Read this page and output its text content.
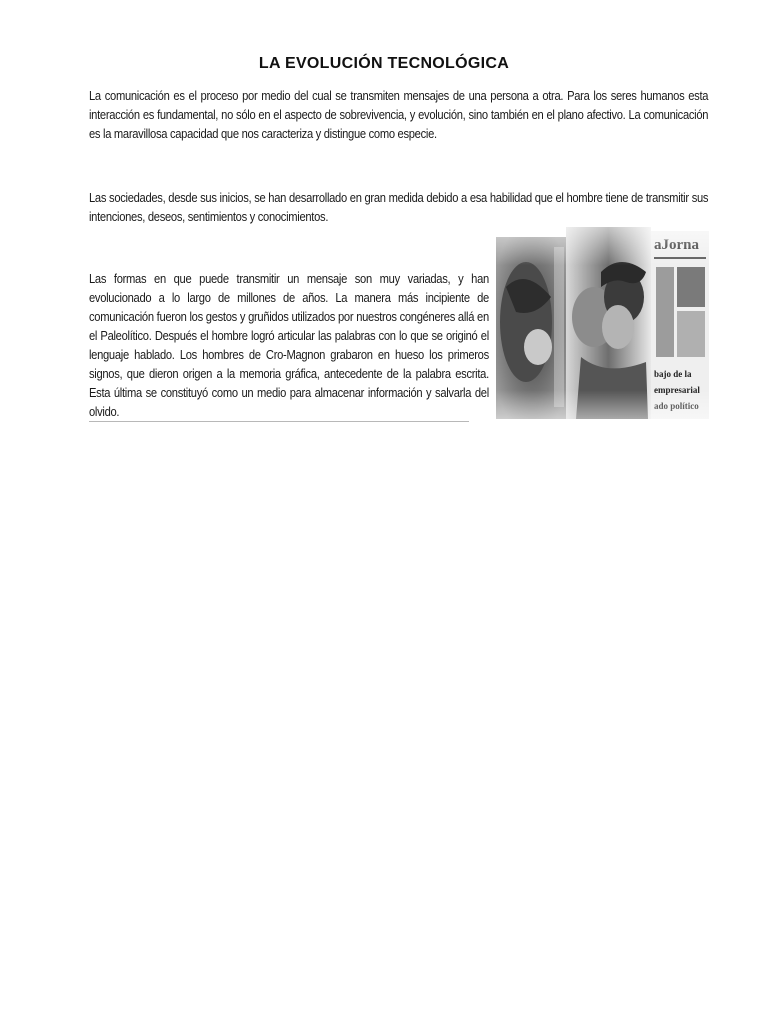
LA EVOLUCIÓN TECNOLÓGICA

La comunicación es el proceso por medio del cual se transmiten mensajes de una persona a otra. Para los seres humanos esta interacción es fundamental, no sólo en el aspecto de sobrevivencia, y evolución, sino también en el plano afectivo. La comunicación es la maravillosa capacidad que nos caracteriza y distingue como especie.

Las sociedades, desde sus inicios, se han desarrollado en gran medida debido a esa habilidad que el hombre tiene de transmitir sus intenciones, deseos, sentimientos y conocimientos.

Las formas en que puede transmitir un mensaje son muy variadas, y han evolucionado a lo largo de millones de años. La manera más incipiente de comunicación fueron los gestos y gruñidos utilizados por nuestros congéneres allá en el Paleolítico. Después el hombre logró articular las palabras con lo que se originó el lenguaje hablado. Los hombres de Cro-Magnon grabaron en hueso los primeros signos, que dieron origen a la memoria gráfica, antecedente de la palabra escrita. Esta última se constituyó como un medio para almacenar información y salvarla del olvido.
